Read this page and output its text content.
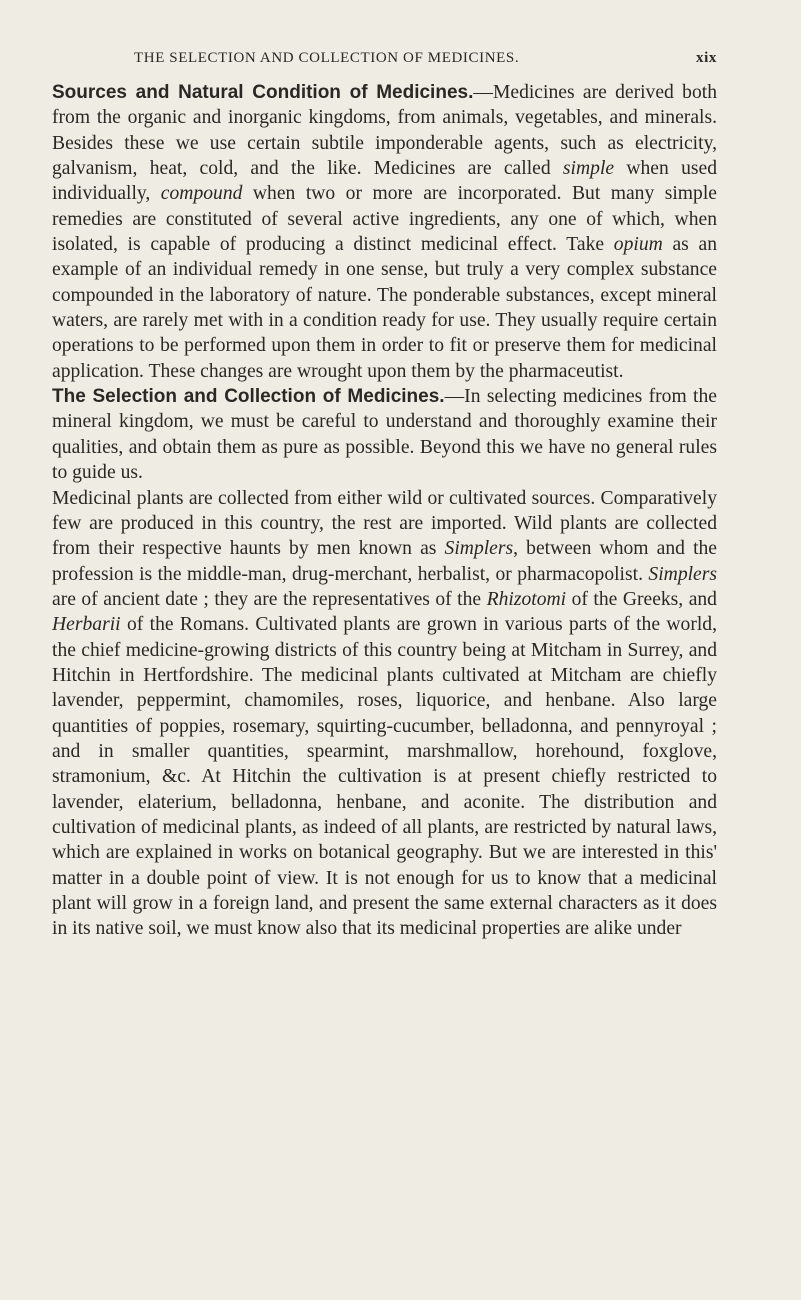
THE SELECTION AND COLLECTION OF MEDICINES.	xix

Sources and Natural Condition of Medicines.—Medicines are derived both from the organic and inorganic kingdoms, from animals, vegetables, and minerals. Besides these we use certain subtile imponderable agents, such as electricity, galvanism, heat, cold, and the like. Medicines are called simple when used individually, compound when two or more are incorporated. But many simple remedies are constituted of several active ingredients, any one of which, when isolated, is capable of producing a distinct medicinal effect. Take opium as an example of an individual remedy in one sense, but truly a very complex substance compounded in the laboratory of nature. The ponderable substances, except mineral waters, are rarely met with in a condition ready for use. They usually require certain operations to be performed upon them in order to fit or preserve them for medicinal application. These changes are wrought upon them by the pharmaceutist.

The Selection and Collection of Medicines.—In selecting medicines from the mineral kingdom, we must be careful to understand and thoroughly examine their qualities, and obtain them as pure as possible. Beyond this we have no general rules to guide us.

Medicinal plants are collected from either wild or cultivated sources. Comparatively few are produced in this country, the rest are imported. Wild plants are collected from their respective haunts by men known as Simplers, between whom and the profession is the middle-man, drug-merchant, herbalist, or pharmacopolist. Simplers are of ancient date ; they are the representatives of the Rhizotomi of the Greeks, and Herbarii of the Romans. Cultivated plants are grown in various parts of the world, the chief medicine-growing districts of this country being at Mitcham in Surrey, and Hitchin in Hertfordshire. The medicinal plants cultivated at Mitcham are chiefly lavender, peppermint, chamomiles, roses, liquorice, and henbane. Also large quantities of poppies, rosemary, squirting-cucumber, belladonna, and pennyroyal ; and in smaller quantities, spearmint, marshmallow, horehound, foxglove, stramonium, &c. At Hitchin the cultivation is at present chiefly restricted to lavender, elaterium, belladonna, henbane, and aconite. The distribution and cultivation of medicinal plants, as indeed of all plants, are restricted by natural laws, which are explained in works on botanical geography. But we are interested in this' matter in a double point of view. It is not enough for us to know that a medicinal plant will grow in a foreign land, and present the same external characters as it does in its native soil, we must know also that its medicinal properties are alike under
